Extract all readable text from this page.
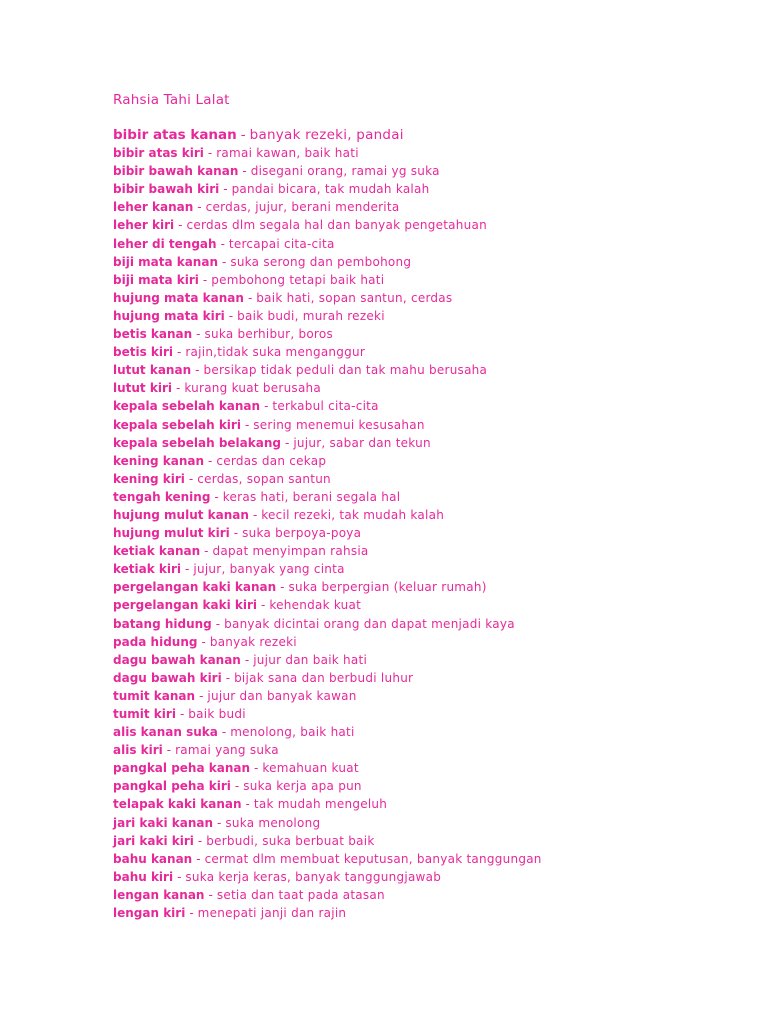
Rahsia Tahi Lalat
bibir atas kanan - banyak rezeki, pandai
bibir atas kiri - ramai kawan, baik hati
bibir bawah kanan - disegani orang, ramai yg suka
bibir bawah kiri - pandai bicara, tak mudah kalah
leher kanan - cerdas, jujur, berani menderita
leher kiri - cerdas dlm segala hal dan banyak pengetahuan
leher di tengah - tercapai cita-cita
biji mata kanan - suka serong dan pembohong
biji mata kiri - pembohong tetapi baik hati
hujung mata kanan - baik hati, sopan santun, cerdas
hujung mata kiri - baik budi, murah rezeki
betis kanan - suka berhibur, boros
betis kiri - rajin,tidak suka menganggur
lutut kanan - bersikap tidak peduli dan tak mahu berusaha
lutut kiri - kurang kuat berusaha
kepala sebelah kanan - terkabul cita-cita
kepala sebelah kiri - sering menemui kesusahan
kepala sebelah belakang - jujur, sabar dan tekun
kening kanan - cerdas dan cekap
kening kiri - cerdas, sopan santun
tengah kening - keras hati, berani segala hal
hujung mulut kanan - kecil rezeki, tak mudah kalah
hujung mulut kiri - suka berpoya-poya
ketiak kanan - dapat menyimpan rahsia
ketiak kiri - jujur, banyak yang cinta
pergelangan kaki kanan - suka berpergian (keluar rumah)
pergelangan kaki kiri - kehendak kuat
batang hidung - banyak dicintai orang dan dapat menjadi kaya
pada hidung - banyak rezeki
dagu bawah kanan - jujur dan baik hati
dagu bawah kiri - bijak sana dan berbudi luhur
tumit kanan - jujur dan banyak kawan
tumit kiri - baik budi
alis kanan suka - menolong, baik hati
alis kiri - ramai yang suka
pangkal peha kanan - kemahuan kuat
pangkal peha kiri - suka kerja apa pun
telapak kaki kanan - tak mudah mengeluh
jari kaki kanan - suka menolong
jari kaki kiri - berbudi, suka berbuat baik
bahu kanan - cermat dlm membuat keputusan, banyak tanggungan
bahu kiri - suka kerja keras, banyak tanggungjawab
lengan kanan - setia dan taat pada atasan
lengan kiri - menepati janji dan rajin
